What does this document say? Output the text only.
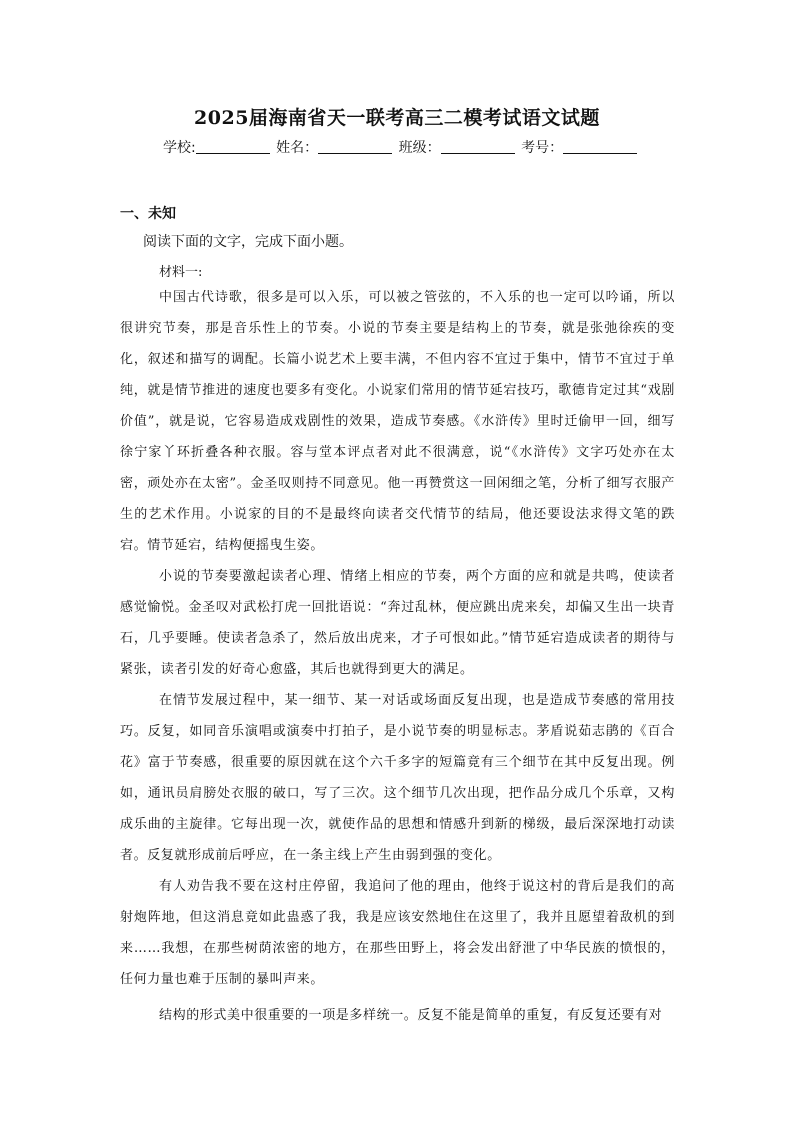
2025届海南省天一联考高三二模考试语文试题
学校:	姓名：	班级：	考号：
一、未知
阅读下面的文字，完成下面小题。
材料一:

中国古代诗歌，很多是可以入乐，可以被之管弦的，不入乐的也一定可以吟诵，所以很讲究节奏，那是音乐性上的节奏。小说的节奏主要是结构上的节奏，就是张弛徐疾的变化，叙述和描写的调配。长篇小说艺术上要丰满，不但内容不宜过于集中，情节不宜过于单纯，就是情节推进的速度也要多有变化。小说家们常用的情节延宕技巧，歌德肯定过其“戏剧价值”，就是说，它容易造成戏剧性的效果，造成节奏感。《水浒传》里时迁偷甲一回，细写徐宁家丫环折叠各种衣服。容与堂本评点者对此不很满意，说“《水浒传》文字巧处亦在太密，顽处亦在太密”。金圣叹则持不同意见。他一再赞赏这一回闲细之笔，分析了细写衣服产生的艺术作用。小说家的目的不是最终向读者交代情节的结局，他还要设法求得文笔的跌宕。情节延宕，结构便摇曳生姿。

小说的节奏要激起读者心理、情绪上相应的节奏，两个方面的应和就是共鸣，使读者感觉愉悦。金圣叹对武松打虎一回批语说：“奔过乱林，便应跳出虎来矣，却偏又生出一块青石，几乎要睡。使读者急杀了，然后放出虎来，才子可恨如此。”情节延宕造成读者的期待与紧张，读者引发的好奇心愈盛，其后也就得到更大的满足。

在情节发展过程中，某一细节、某一对话或场面反复出现，也是造成节奏感的常用技巧。反复，如同音乐演唱或演奏中打拍子，是小说节奏的明显标志。茅盾说茹志鹃的《百合花》富于节奏感，很重要的原因就在这个六千多字的短篇竟有三个细节在其中反复出现。例如，通讯员肩膀处衣服的破口，写了三次。这个细节几次出现，把作品分成几个乐章，又构成乐曲的主旋律。它每出现一次，就使作品的思想和情感升到新的梯级，最后深深地打动读者。反复就形成前后呼应，在一条主线上产生由弱到强的变化。

有人劝告我不要在这村庄停留，我追问了他的理由，他终于说这村的背后是我们的高射炮阵地，但这消息竟如此蛊惑了我，我是应该安然地住在这里了，我并且愿望着敌机的到来……我想，在那些树荫浓密的地方，在那些田野上，将会发出舒泄了中华民族的愤恨的，任何力量也难于压制的暴叫声来。

结构的形式美中很重要的一项是多样统一。反复不能是简单的重复，有反复还要有对
